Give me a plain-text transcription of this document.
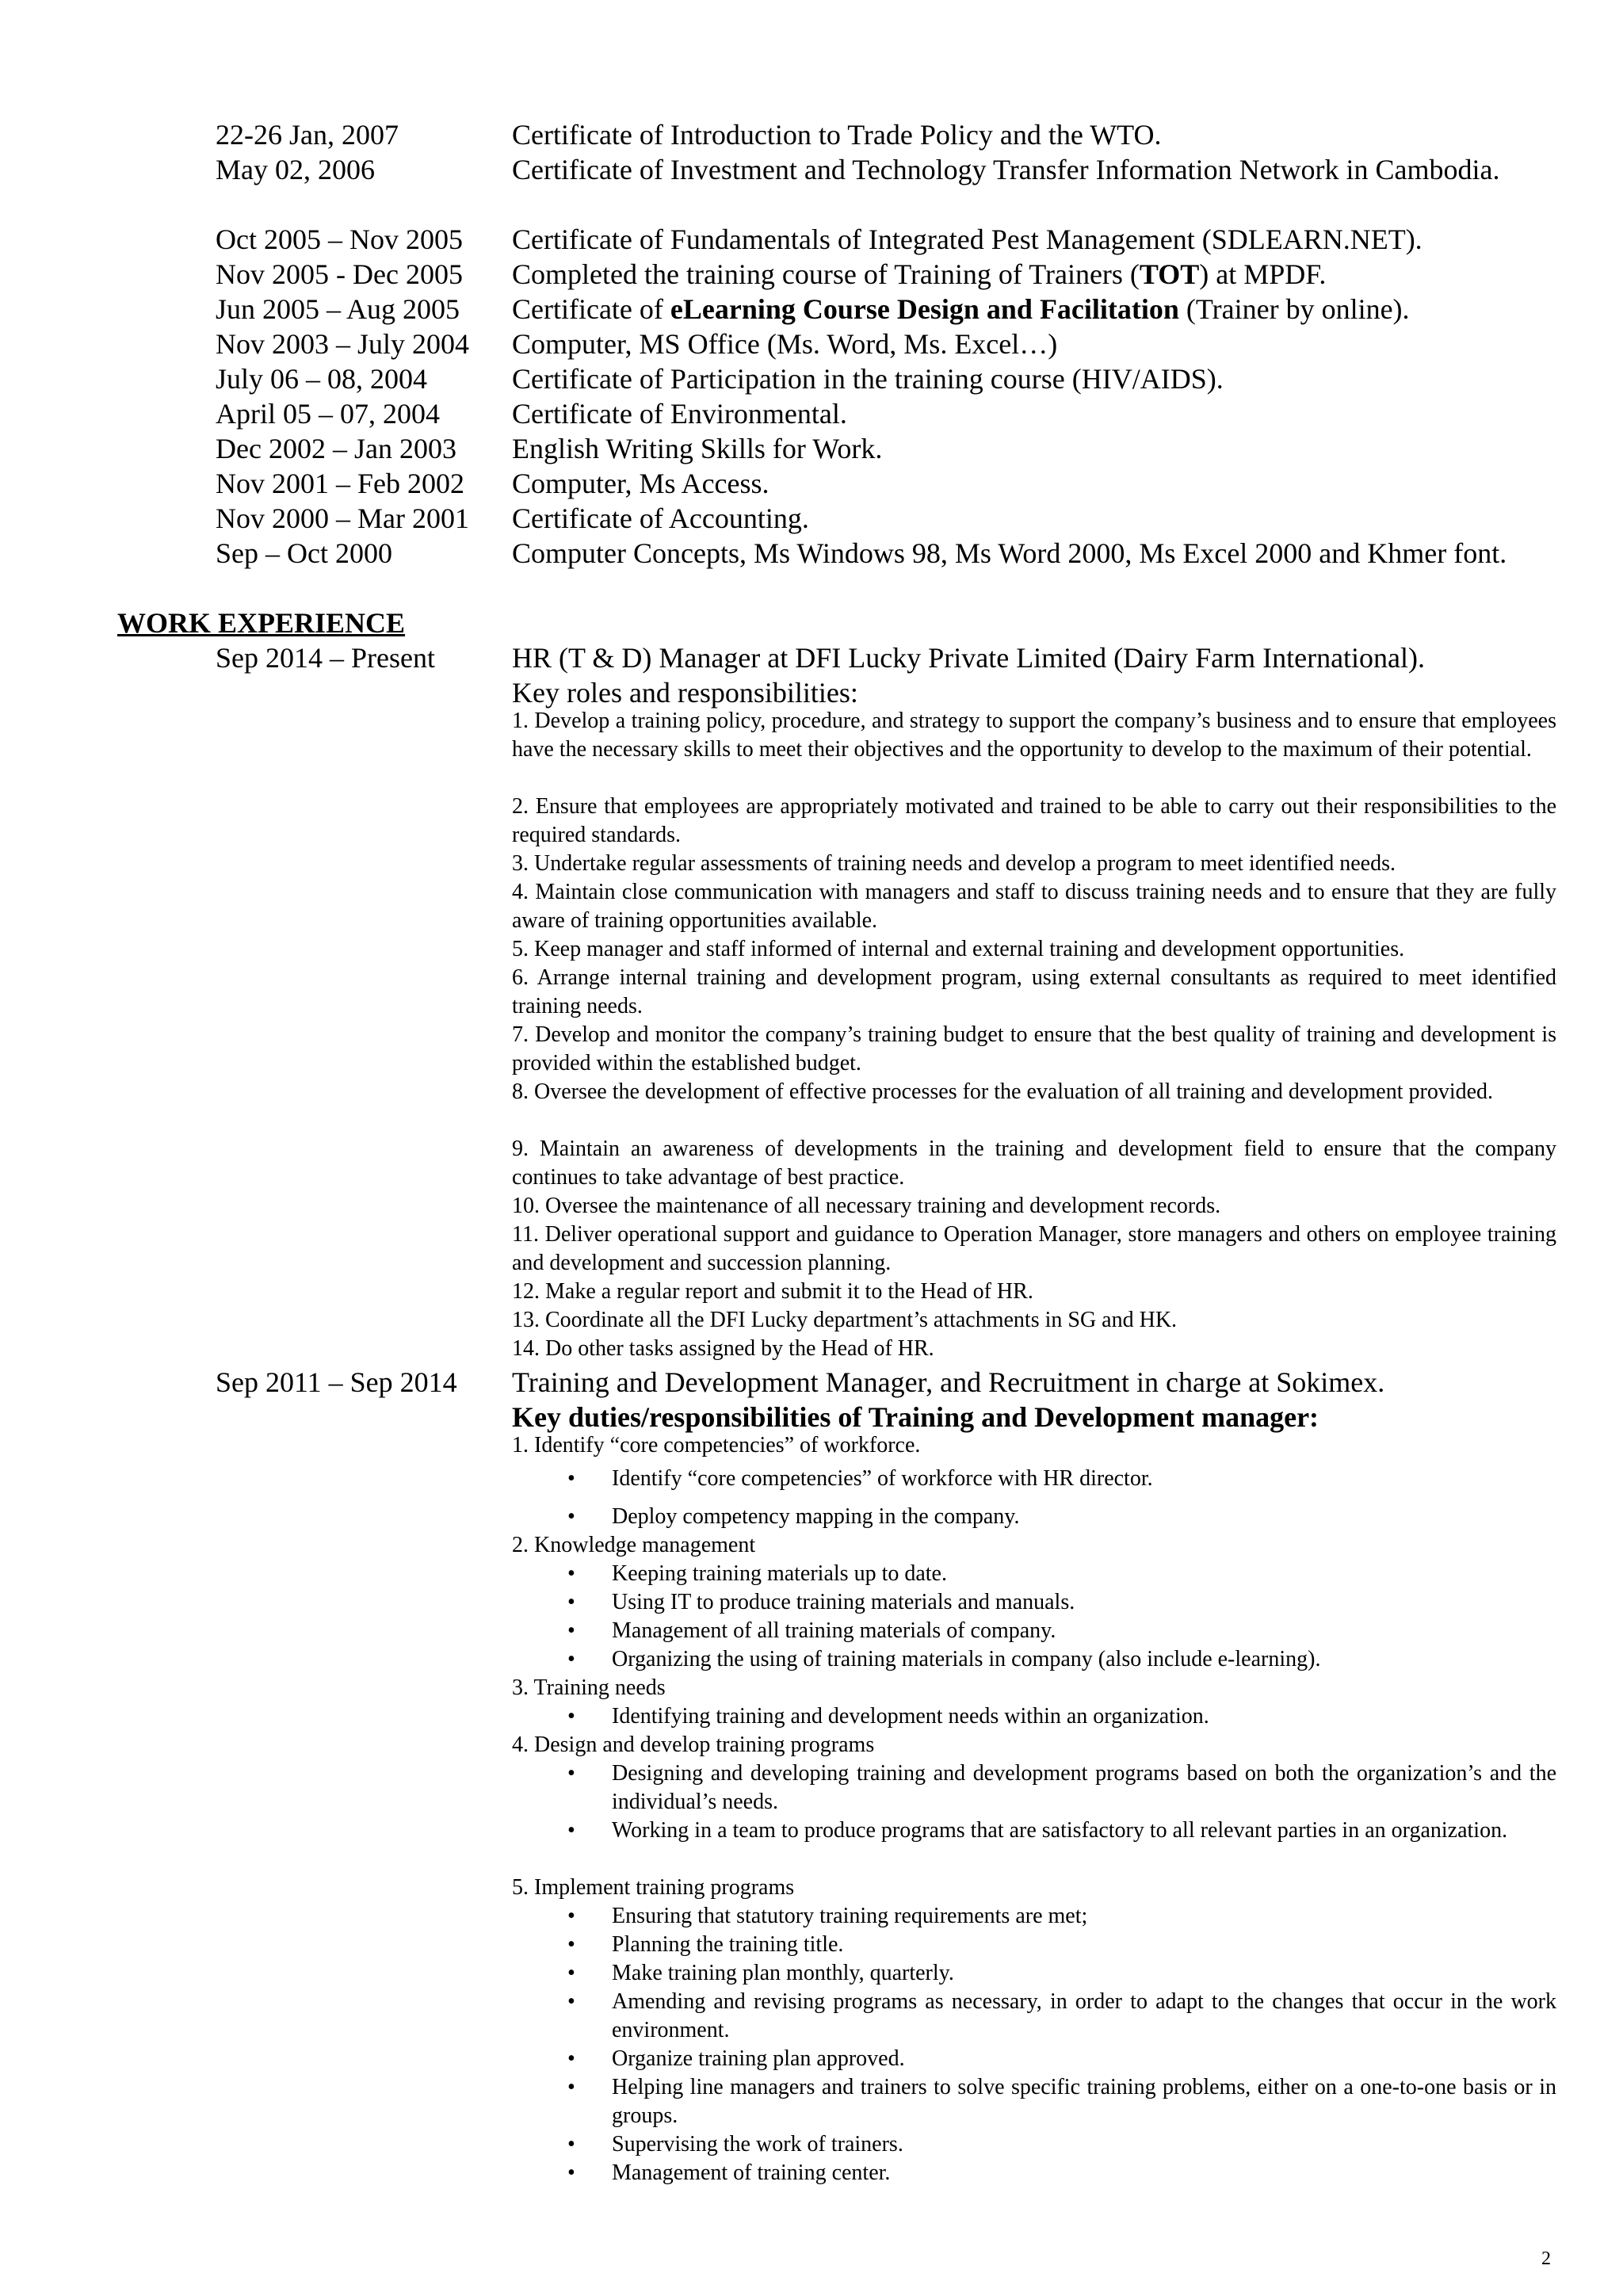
22-26 Jan, 2007	Certificate of Introduction to Trade Policy and the WTO.
May 02, 2006	Certificate of Investment and Technology Transfer Information Network in Cambodia.
Oct 2005 – Nov 2005 Certificate of Fundamentals of Integrated Pest Management (SDLEARN.NET).
Nov 2005 - Dec 2005 Completed the training course of Training of Trainers (TOT) at MPDF.
Jun 2005 – Aug 2005 Certificate of eLearning Course Design and Facilitation (Trainer by online).
Nov 2003 – July 2004 Computer, MS Office (Ms. Word, Ms. Excel…)
July 06 – 08, 2004	Certificate of Participation in the training course (HIV/AIDS).
April 05 – 07, 2004	Certificate of Environmental.
Dec 2002 – Jan 2003 English Writing Skills for Work.
Nov 2001 – Feb 2002 Computer, Ms Access.
Nov 2000 – Mar 2001 Certificate of Accounting.
Sep – Oct 2000	Computer Concepts, Ms Windows 98, Ms Word 2000, Ms Excel 2000 and Khmer font.
WORK EXPERIENCE
Sep 2014 – Present	HR (T & D) Manager at DFI Lucky Private Limited (Dairy Farm International).
Key roles and responsibilities:
1. Develop a training policy, procedure, and strategy to support the company’s business and to ensure that employees have the necessary skills to meet their objectives and the opportunity to develop to the maximum of their potential.
2. Ensure that employees are appropriately motivated and trained to be able to carry out their responsibilities to the required standards.
3. Undertake regular assessments of training needs and develop a program to meet identified needs.
4. Maintain close communication with managers and staff to discuss training needs and to ensure that they are fully aware of training opportunities available.
5. Keep manager and staff informed of internal and external training and development opportunities.
6. Arrange internal training and development program, using external consultants as required to meet identified training needs.
7. Develop and monitor the company’s training budget to ensure that the best quality of training and development is provided within the established budget.
8. Oversee the development of effective processes for the evaluation of all training and development provided.
9. Maintain an awareness of developments in the training and development field to ensure that the company continues to take advantage of best practice.
10. Oversee the maintenance of all necessary training and development records.
11. Deliver operational support and guidance to Operation Manager, store managers and others on employee training and development and succession planning.
12. Make a regular report and submit it to the Head of HR.
13. Coordinate all the DFI Lucky department’s attachments in SG and HK.
14. Do other tasks assigned by the Head of HR.
Sep 2011 – Sep 2014 Training and Development Manager, and Recruitment in charge at Sokimex.
Key duties/responsibilities of Training and Development manager:
1. Identify “core competencies” of workforce.
• Identify “core competencies” of workforce with HR director.
• Deploy competency mapping in the company.
2. Knowledge management
• Keeping training materials up to date.
• Using IT to produce training materials and manuals.
• Management of all training materials of company.
• Organizing the using of training materials in company (also include e-learning).
3. Training needs
• Identifying training and development needs within an organization.
4. Design and develop training programs
• Designing and developing training and development programs based on both the organization’s and the individual’s needs.
• Working in a team to produce programs that are satisfactory to all relevant parties in an organization.
5. Implement training programs
• Ensuring that statutory training requirements are met;
• Planning the training title.
• Make training plan monthly, quarterly.
• Amending and revising programs as necessary, in order to adapt to the changes that occur in the work environment.
• Organize training plan approved.
• Helping line managers and trainers to solve specific training problems, either on a one-to-one basis or in groups.
• Supervising the work of trainers.
• Management of training center.
2
